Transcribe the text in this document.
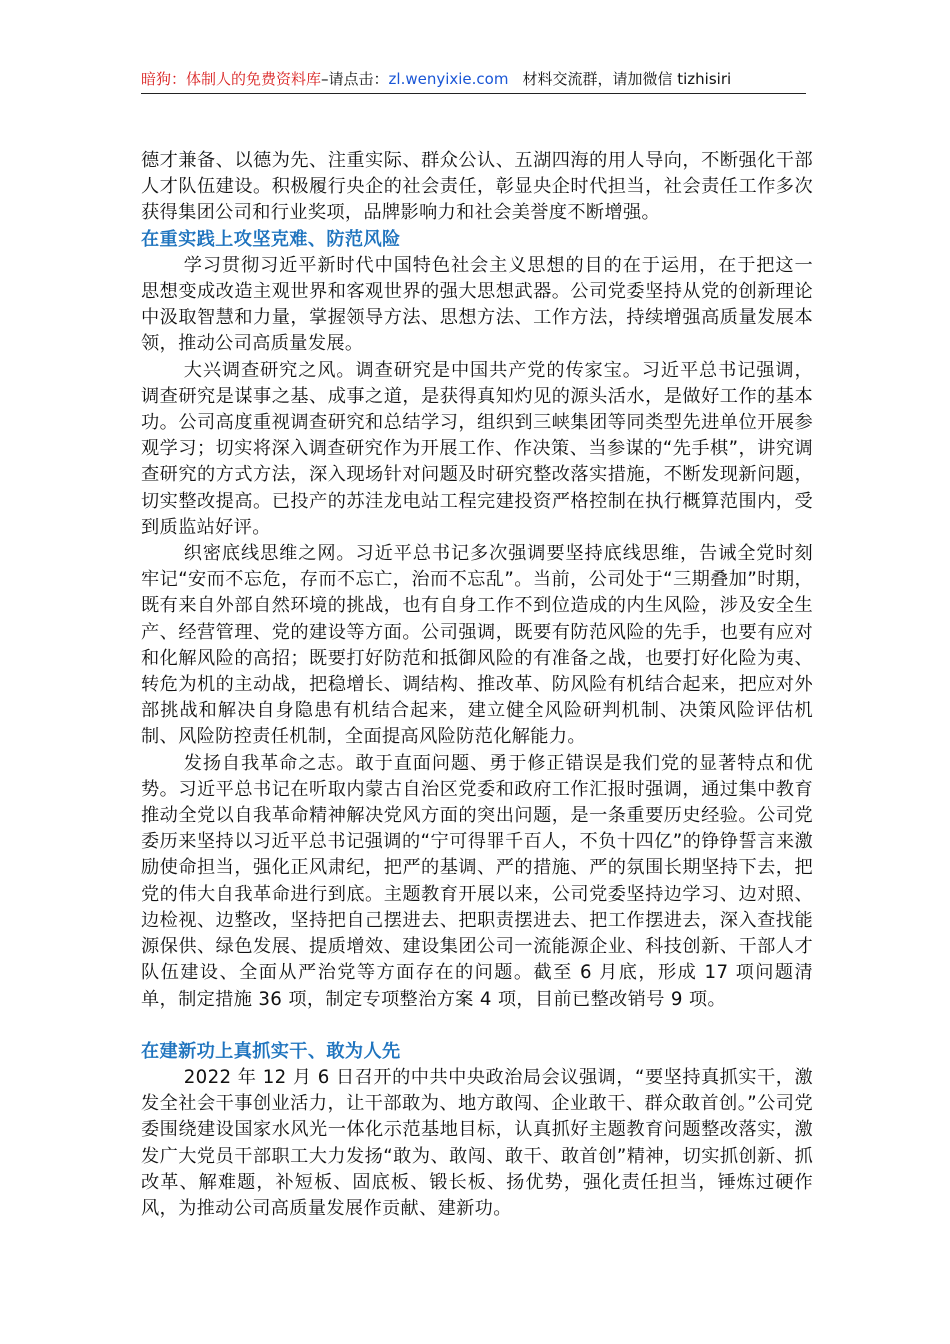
暗狗：体制人的免费资料库–请点击：zl.wenyixie.com 材料交流群，请加微信 tizhisiri

德才兼备、以德为先、注重实际、群众公认、五湖四海的用人导向，不断强化干部人才队伍建设。积极履行央企的社会责任，彰显央企时代担当，社会责任工作多次获得集团公司和行业奖项，品牌影响力和社会美誉度不断增强。

在重实践上攻坚克难、防范风险

学习贯彻习近平新时代中国特色社会主义思想的目的在于运用，在于把这一思想变成改造主观世界和客观世界的强大思想武器。公司党委坚持从党的创新理论中汲取智慧和力量，掌握领导方法、思想方法、工作方法，持续增强高质量发展本领，推动公司高质量发展。

大兴调查研究之风。调查研究是中国共产党的传家宝。习近平总书记强调，调查研究是谋事之基、成事之道，是获得真知灼见的源头活水，是做好工作的基本功。公司高度重视调查研究和总结学习，组织到三峡集团等同类型先进单位开展参观学习；切实将深入调查研究作为开展工作、作决策、当参谋的“先手棋”，讲究调查研究的方式方法，深入现场针对问题及时研究整改落实措施，不断发现新问题，切实整改提高。已投产的苏洼龙电站工程完建投资严格控制在执行概算范围内，受到质监站好评。

织密底线思维之网。习近平总书记多次强调要坚持底线思维，告诫全党时刻牢记“安而不忘危，存而不忘亡，治而不忘乱”。当前，公司处于“三期叠加”时期，既有来自外部自然环境的挑战，也有自身工作不到位造成的内生风险，涉及安全生产、经营管理、党的建设等方面。公司强调，既要有防范风险的先手，也要有应对和化解风险的高招；既要打好防范和抵御风险的有准备之战，也要打好化险为夷、转危为机的主动战，把稳增长、调结构、推改革、防风险有机结合起来，把应对外部挑战和解决自身隐患有机结合起来，建立健全风险研判机制、决策风险评估机制、风险防控责任机制，全面提高风险防范化解能力。

发扬自我革命之志。敢于直面问题、勇于修正错误是我们党的显著特点和优势。习近平总书记在听取内蒙古自治区党委和政府工作汇报时强调，通过集中教育推动全党以自我革命精神解决党风方面的突出问题，是一条重要历史经验。公司党委历来坚持以习近平总书记强调的“宁可得罪千百人，不负十四亿”的铮铮誓言来激励使命担当，强化正风肃纪，把严的基调、严的措施、严的氛围长期坚持下去，把党的伟大自我革命进行到底。主题教育开展以来，公司党委坚持边学习、边对照、边检视、边整改，坚持把自己摆进去、把职责摆进去、把工作摆进去，深入查找能源保供、绿色发展、提质增效、建设集团公司一流能源企业、科技创新、干部人才队伍建设、全面从严治党等方面存在的问题。截至 6 月底，形成 17 项问题清单，制定措施 36 项，制定专项整治方案 4 项，目前已整改销号 9 项。

在建新功上真抓实干、敢为人先

2022 年 12 月 6 日召开的中共中央政治局会议强调，“要坚持真抓实干，激发全社会干事创业活力，让干部敢为、地方敢闯、企业敢干、群众敢首创。”公司党委围绕建设国家水风光一体化示范基地目标，认真抓好主题教育问题整改落实，激发广大党员干部职工大力发扬“敢为、敢闯、敢干、敢首创”精神，切实抓创新、抓改革、解难题，补短板、固底板、锻长板、扬优势，强化责任担当，锤炼过硬作风，为推动公司高质量发展作贡献、建新功。
